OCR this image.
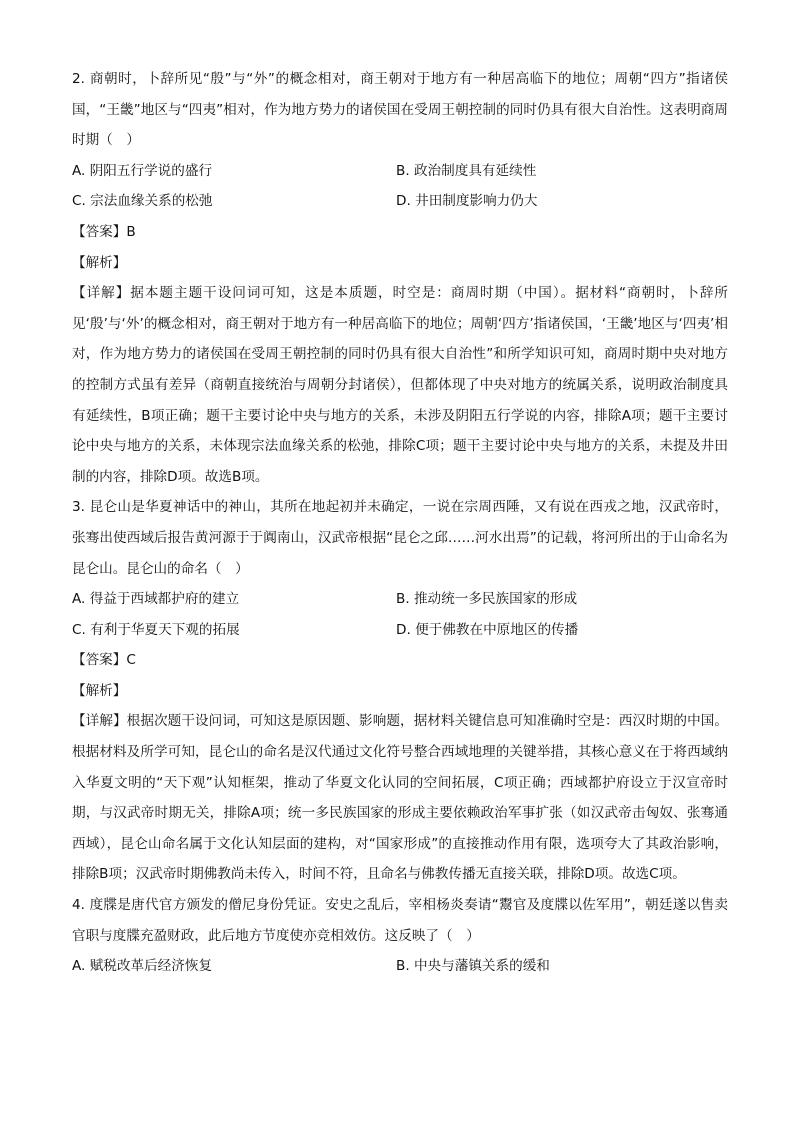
2. 商朝时，卜辞所见“殷”与“外”的概念相对，商王朝对于地方有一种居高临下的地位；周朝“四方”指诸侯国，“王畿”地区与“四夷”相对，作为地方势力的诸侯国在受周王朝控制的同时仍具有很大自治性。这表明商周时期（　）

A. 阴阳五行学说的盛行	B. 政治制度具有延续性
C. 宗法血缘关系的松弛	D. 井田制度影响力仍大

【答案】B

【解析】

【详解】据本题主题干设问词可知，这是本质题，时空是：商周时期（中国）。据材料“商朝时，卜辞所见‘殷’与‘外’的概念相对，商王朝对于地方有一种居高临下的地位；周朝‘四方’指诸侯国，‘王畿’地区与‘四夷’相对，作为地方势力的诸侯国在受周王朝控制的同时仍具有很大自治性”和所学知识可知，商周时期中央对地方的控制方式虽有差异（商朝直接统治与周朝分封诸侯），但都体现了中央对地方的统属关系，说明政治制度具有延续性，B项正确；题干主要讨论中央与地方的关系，未涉及阴阳五行学说的内容，排除A项；题干主要讨论中央与地方的关系，未体现宗法血缘关系的松弛，排除C项；题干主要讨论中央与地方的关系，未提及井田制的内容，排除D项。故选B项。

3. 昆仑山是华夏神话中的神山，其所在地起初并未确定，一说在宗周西陲，又有说在西戎之地，汉武帝时，张骞出使西域后报告黄河源于于阗南山，汉武帝根据“昆仑之邱……河水出焉”的记载，将河所出的于山命名为昆仑山。昆仑山的命名（　）

A. 得益于西域都护府的建立	B. 推动统一多民族国家的形成
C. 有利于华夏天下观的拓展	D. 便于佛教在中原地区的传播

【答案】C

【解析】

【详解】根据次题干设问词，可知这是原因题、影响题，据材料关键信息可知准确时空是：西汉时期的中国。根据材料及所学可知，昆仑山的命名是汉代通过文化符号整合西域地理的关键举措，其核心意义在于将西域纳入华夏文明的“天下观”认知框架，推动了华夏文化认同的空间拓展，C项正确；西域都护府设立于汉宣帝时期，与汉武帝时期无关，排除A项；统一多民族国家的形成主要依赖政治军事扩张（如汉武帝击匈奴、张骞通西域），昆仑山命名属于文化认知层面的建构，对“国家形成”的直接推动作用有限，选项夸大了其政治影响，排除B项；汉武帝时期佛教尚未传入，时间不符，且命名与佛教传播无直接关联，排除D项。故选C项。

4. 度牒是唐代官方颁发的僧尼身份凭证。安史之乱后，宰相杨炎奏请“鬻官及度牒以佐军用”，朝廷遂以售卖官职与度牒充盈财政，此后地方节度使亦竞相效仿。这反映了（　）

A. 赋税改革后经济恢复	B. 中央与藩镇关系的缓和
